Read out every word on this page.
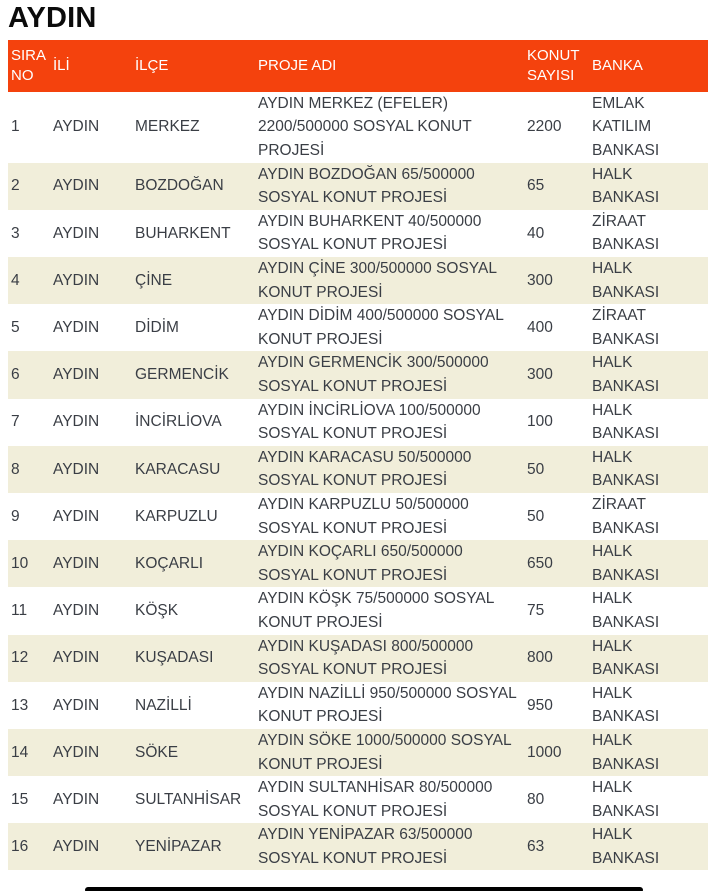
AYDIN
SIRA NO	İLİ	İLÇE	PROJE ADI	KONUT SAYISI	BANKA
1	AYDIN	MERKEZ	AYDIN MERKEZ (EFELER) 2200/500000 SOSYAL KONUT PROJESİ	2200	EMLAK KATILIM BANKASI
2	AYDIN	BOZDOĞAN	AYDIN BOZDOĞAN 65/500000 SOSYAL KONUT PROJESİ	65	HALK BANKASI
3	AYDIN	BUHARKENT	AYDIN BUHARKENT 40/500000 SOSYAL KONUT PROJESİ	40	ZİRAAT BANKASI
4	AYDIN	ÇİNE	AYDIN ÇİNE 300/500000 SOSYAL KONUT PROJESİ	300	HALK BANKASI
5	AYDIN	DİDİM	AYDIN DİDİM 400/500000 SOSYAL KONUT PROJESİ	400	ZİRAAT BANKASI
6	AYDIN	GERMENCİK	AYDIN GERMENCİK 300/500000 SOSYAL KONUT PROJESİ	300	HALK BANKASI
7	AYDIN	İNCİRLİOVA	AYDIN İNCİRLİOVA 100/500000 SOSYAL KONUT PROJESİ	100	HALK BANKASI
8	AYDIN	KARACASU	AYDIN KARACASU 50/500000 SOSYAL KONUT PROJESİ	50	HALK BANKASI
9	AYDIN	KARPUZLU	AYDIN KARPUZLU 50/500000 SOSYAL KONUT PROJESİ	50	ZİRAAT BANKASI
10	AYDIN	KOÇARLI	AYDIN KOÇARLI 650/500000 SOSYAL KONUT PROJESİ	650	HALK BANKASI
11	AYDIN	KÖŞK	AYDIN KÖŞK 75/500000 SOSYAL KONUT PROJESİ	75	HALK BANKASI
12	AYDIN	KUŞADASI	AYDIN KUŞADASI 800/500000 SOSYAL KONUT PROJESİ	800	HALK BANKASI
13	AYDIN	NAZİLLİ	AYDIN NAZİLLİ 950/500000 SOSYAL KONUT PROJESİ	950	HALK BANKASI
14	AYDIN	SÖKE	AYDIN SÖKE 1000/500000 SOSYAL KONUT PROJESİ	1000	HALK BANKASI
15	AYDIN	SULTANHİSAR	AYDIN SULTANHİSAR 80/500000 SOSYAL KONUT PROJESİ	80	HALK BANKASI
16	AYDIN	YENİPAZAR	AYDIN YENİPAZAR 63/500000 SOSYAL KONUT PROJESİ	63	HALK BANKASI
